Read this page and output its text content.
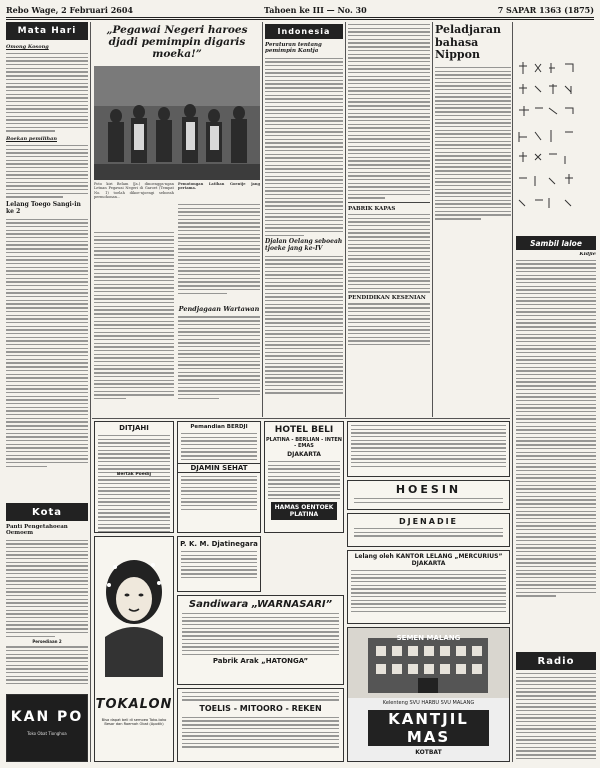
Rebo Wage, 2 Februari 2604	Tahoen ke III — No. 30	7 SAPAR 1363 (1875)
Mata Hari
Omong Kosong
Boekan pemilihan
Lelang Toego Sangi-in ke 2
Kota
Panti Pengetahoean Oemoem
Persediaan 2
KAN PO
Toko Obat Tionghoa
„Pegawai Negeri haroes djadi pemimpin digaris moeka!”
Poto kiri Belam (Ja.) dinoengga-ngan Letnan Pegawai Negeri di Garoet (Tempat No. 1) toelah dikoe-njoengi seboeah permohonan...
Pemotongan Latihan Goentje jang pertama.
Pendjagaan Wartawan
Indonesia
Peraturan tentang pemimpin Kantja
Djalan Oelang seboeah tjoeke jang ke-IV
PABRIK KAPAS
PENDIDIKAN KESENIAN
Peladjaran bahasa Nippon
Sambil laloe
Kidjie
Radio
DITJAHI
TOKALON
Bisa dapat beli di semoea Toko-toko Besar dan Roemah Obat (Apotik)
Pemandian BERDJI
DJAMIN SEHAT
P. K. M. Djatinegara
HOTEL BELI
PLATINA - BERLIAN - INTEN - EMAS
DJAKARTA
HAMAS OENTOEK PLATINA
HOESIN
DJENADIE
Lelang oleh KANTOR LELANG „MERCURIUS” DJAKARTA
Sandiwara „WARNASARI”
Pabrik Arak „HATONGA”
TOELIS - MITOORO - REKEN
SEMEN MALANG
Kelenteng SVU HARBU SVU MALANG
KANTJIL MAS
KOTBAT
Bertak Poedij
